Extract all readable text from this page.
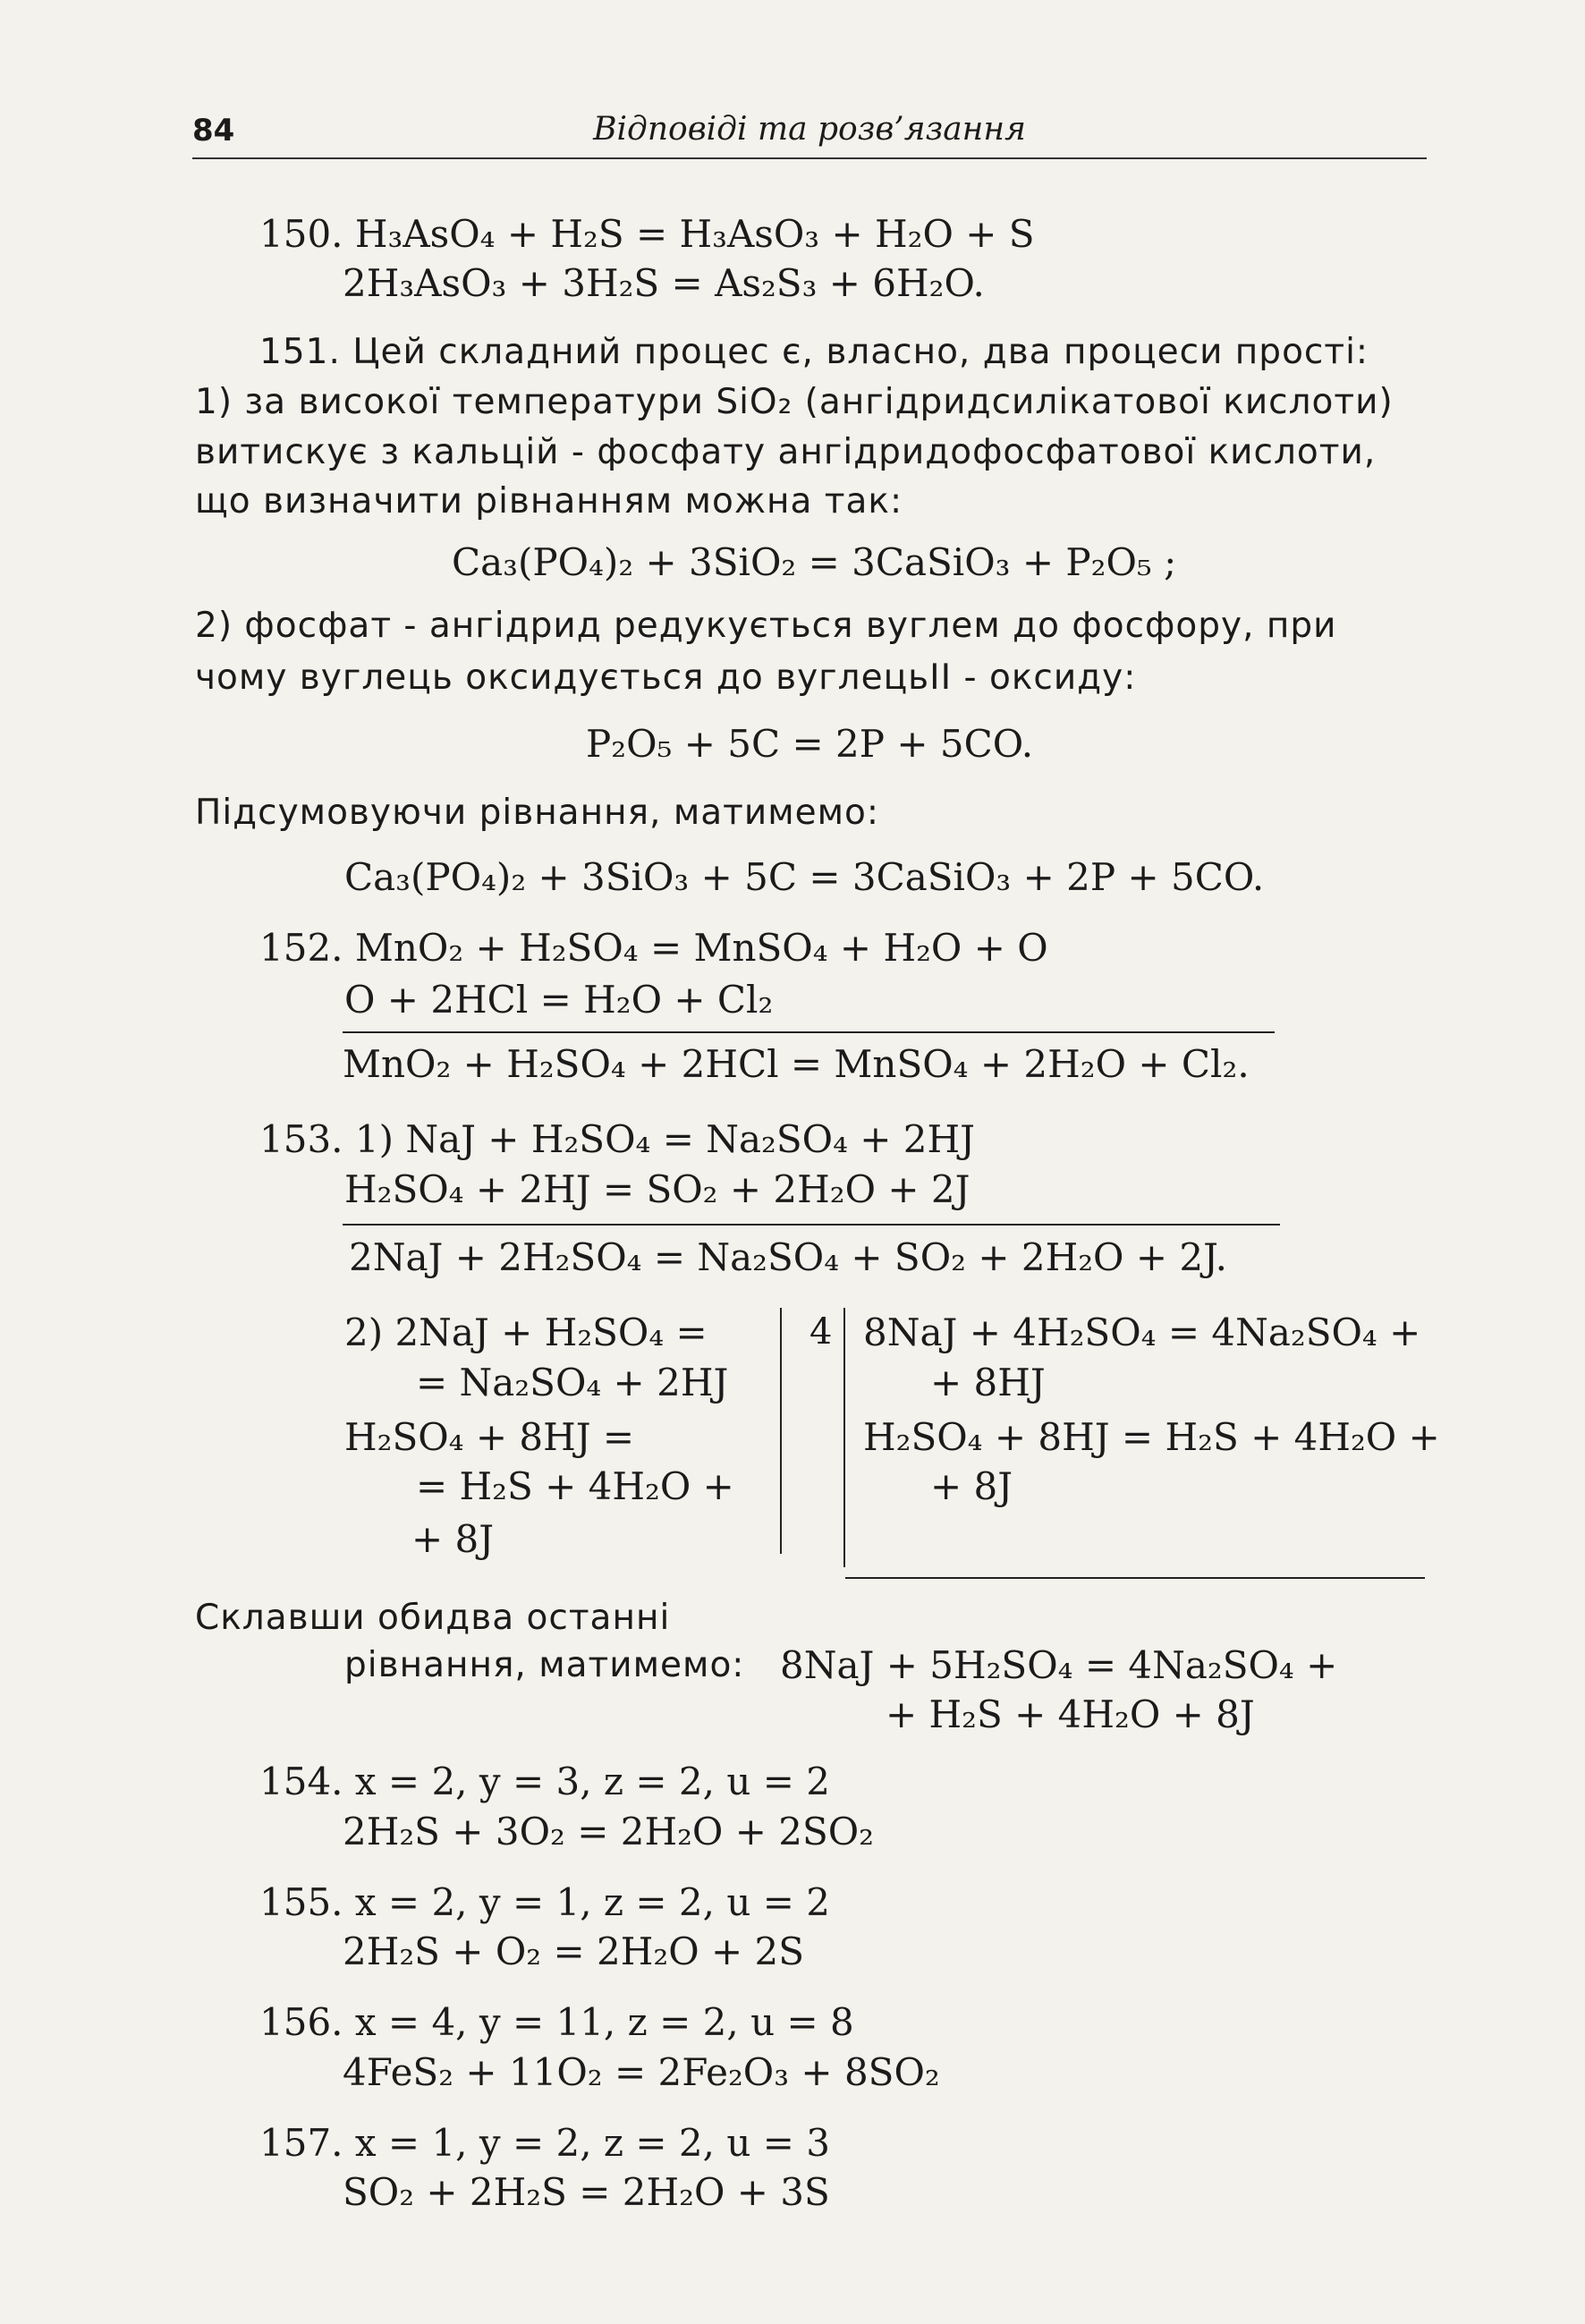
84	Відповіді та розв’язання
150. H₃AsO₄ + H₂S = H₃AsO₃ + H₂O + S
2H₃AsO₃ + 3H₂S = As₂S₃ + 6H₂O.
151. Цей складний процес є, власно, два процеси прості:
1) за високої температури SiO₂ (ангідридсилікатової кислоти)
витискує з кальцій - фосфату ангідридофосфатової кислоти,
що визначити рівнанням можна так:
Ca₃(PO₄)₂ + 3SiO₂ = 3CaSiO₃ + P₂O₅ ;
2) фосфат - ангідрид редукується вуглем до фосфору, при
чому вуглець оксидується до вуглецьII - оксиду:
P₂O₅ + 5C = 2P + 5CO.
Підсумовуючи рівнання, матимемо:
Ca₃(PO₄)₂ + 3SiO₃ + 5C = 3CaSiO₃ + 2P + 5CO.
152. MnO₂ + H₂SO₄ = MnSO₄ + H₂O + O
O + 2HCl = H₂O + Cl₂
MnO₂ + H₂SO₄ + 2HCl = MnSO₄ + 2H₂O + Cl₂.
153. 1) NaJ + H₂SO₄ = Na₂SO₄ + 2HJ
H₂SO₄ + 2HJ = SO₂ + 2H₂O + 2J
2NaJ + 2H₂SO₄ = Na₂SO₄ + SO₂ + 2H₂O + 2J.
2) 2NaJ + H₂SO₄ =
= Na₂SO₄ + 2HJ
H₂SO₄ + 8HJ =
= H₂S + 4H₂O +
+ 8J
4 8NaJ + 4H₂SO₄ = 4Na₂SO₄ +
+ 8HJ
H₂SO₄ + 8HJ = H₂S + 4H₂O +
+ 8J
Склавши обидва останні
рівнання, матимемо: 8NaJ + 5H₂SO₄ = 4Na₂SO₄ +
+ H₂S + 4H₂O + 8J
154. x = 2, y = 3, z = 2, u = 2
2H₂S + 3O₂ = 2H₂O + 2SO₂
155. x = 2, y = 1, z = 2, u = 2
2H₂S + O₂ = 2H₂O + 2S
156. x = 4, y = 11, z = 2, u = 8
4FeS₂ + 11O₂ = 2Fe₂O₃ + 8SO₂
157. x = 1, y = 2, z = 2, u = 3
SO₂ + 2H₂S = 2H₂O + 3S
